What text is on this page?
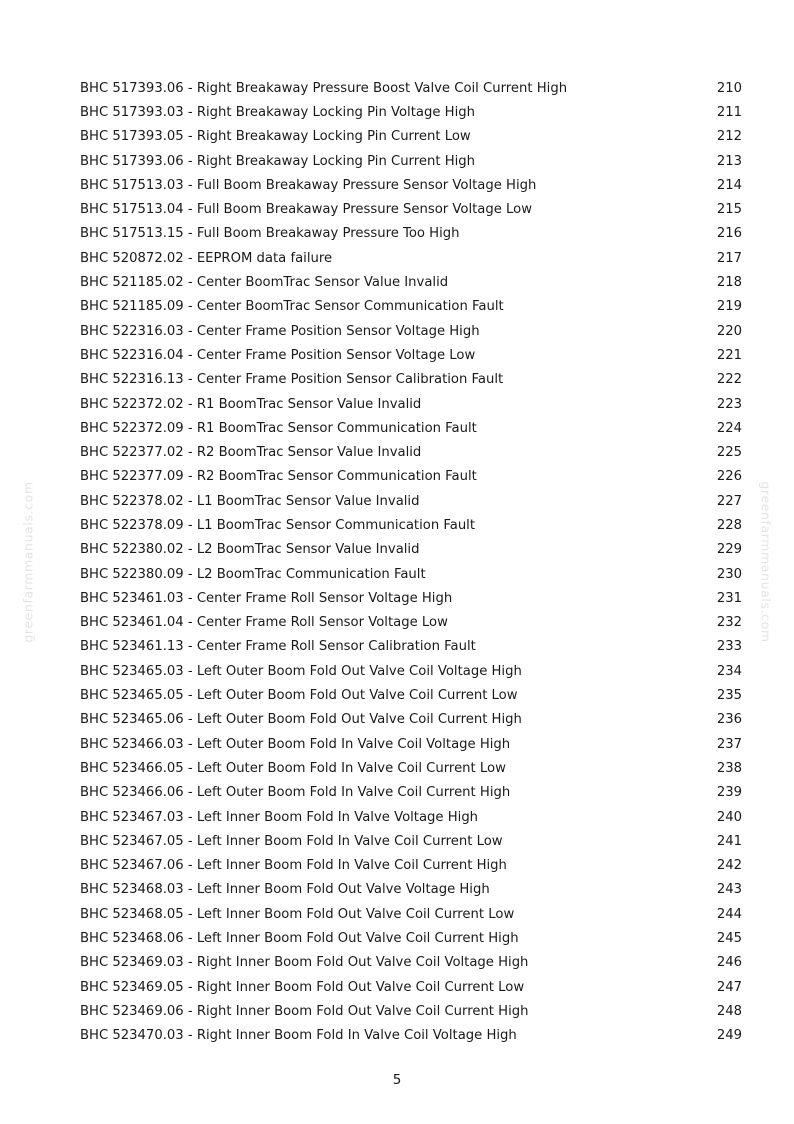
greenfarmmanuals.com	greenfarmmanuals.com
BHC 517393.06 - Right Breakaway Pressure Boost Valve Coil Current High	210
BHC 517393.03 - Right Breakaway Locking Pin Voltage High	211
BHC 517393.05 - Right Breakaway Locking Pin Current Low	212
BHC 517393.06 - Right Breakaway Locking Pin Current High	213
BHC 517513.03 - Full Boom Breakaway Pressure Sensor Voltage High	214
BHC 517513.04 - Full Boom Breakaway Pressure Sensor Voltage Low	215
BHC 517513.15 - Full Boom Breakaway Pressure Too High	216
BHC 520872.02 - EEPROM data failure	217
BHC 521185.02 - Center BoomTrac Sensor Value Invalid	218
BHC 521185.09 - Center BoomTrac Sensor Communication Fault	219
BHC 522316.03 - Center Frame Position Sensor Voltage High	220
BHC 522316.04 - Center Frame Position Sensor Voltage Low	221
BHC 522316.13 - Center Frame Position Sensor Calibration Fault	222
BHC 522372.02 - R1 BoomTrac Sensor Value Invalid	223
BHC 522372.09 - R1 BoomTrac Sensor Communication Fault	224
BHC 522377.02 - R2 BoomTrac Sensor Value Invalid	225
BHC 522377.09 - R2 BoomTrac Sensor Communication Fault	226
BHC 522378.02 - L1 BoomTrac Sensor Value Invalid	227
BHC 522378.09 - L1 BoomTrac Sensor Communication Fault	228
BHC 522380.02 - L2 BoomTrac Sensor Value Invalid	229
BHC 522380.09 - L2 BoomTrac Communication Fault	230
BHC 523461.03 - Center Frame Roll Sensor Voltage High	231
BHC 523461.04 - Center Frame Roll Sensor Voltage Low	232
BHC 523461.13 - Center Frame Roll Sensor Calibration Fault	233
BHC 523465.03 - Left Outer Boom Fold Out Valve Coil Voltage High	234
BHC 523465.05 - Left Outer Boom Fold Out Valve Coil Current Low	235
BHC 523465.06 - Left Outer Boom Fold Out Valve Coil Current High	236
BHC 523466.03 - Left Outer Boom Fold In Valve Coil Voltage High	237
BHC 523466.05 - Left Outer Boom Fold In Valve Coil Current Low	238
BHC 523466.06 - Left Outer Boom Fold In Valve Coil Current High	239
BHC 523467.03 - Left Inner Boom Fold In Valve Voltage High	240
BHC 523467.05 - Left Inner Boom Fold In Valve Coil Current Low	241
BHC 523467.06 - Left Inner Boom Fold In Valve Coil Current High	242
BHC 523468.03 - Left Inner Boom Fold Out Valve Voltage High	243
BHC 523468.05 - Left Inner Boom Fold Out Valve Coil Current Low	244
BHC 523468.06 - Left Inner Boom Fold Out Valve Coil Current High	245
BHC 523469.03 - Right Inner Boom Fold Out Valve Coil Voltage High	246
BHC 523469.05 - Right Inner Boom Fold Out Valve Coil Current Low	247
BHC 523469.06 - Right Inner Boom Fold Out Valve Coil Current High	248
BHC 523470.03 - Right Inner Boom Fold In Valve Coil Voltage High	249
5
